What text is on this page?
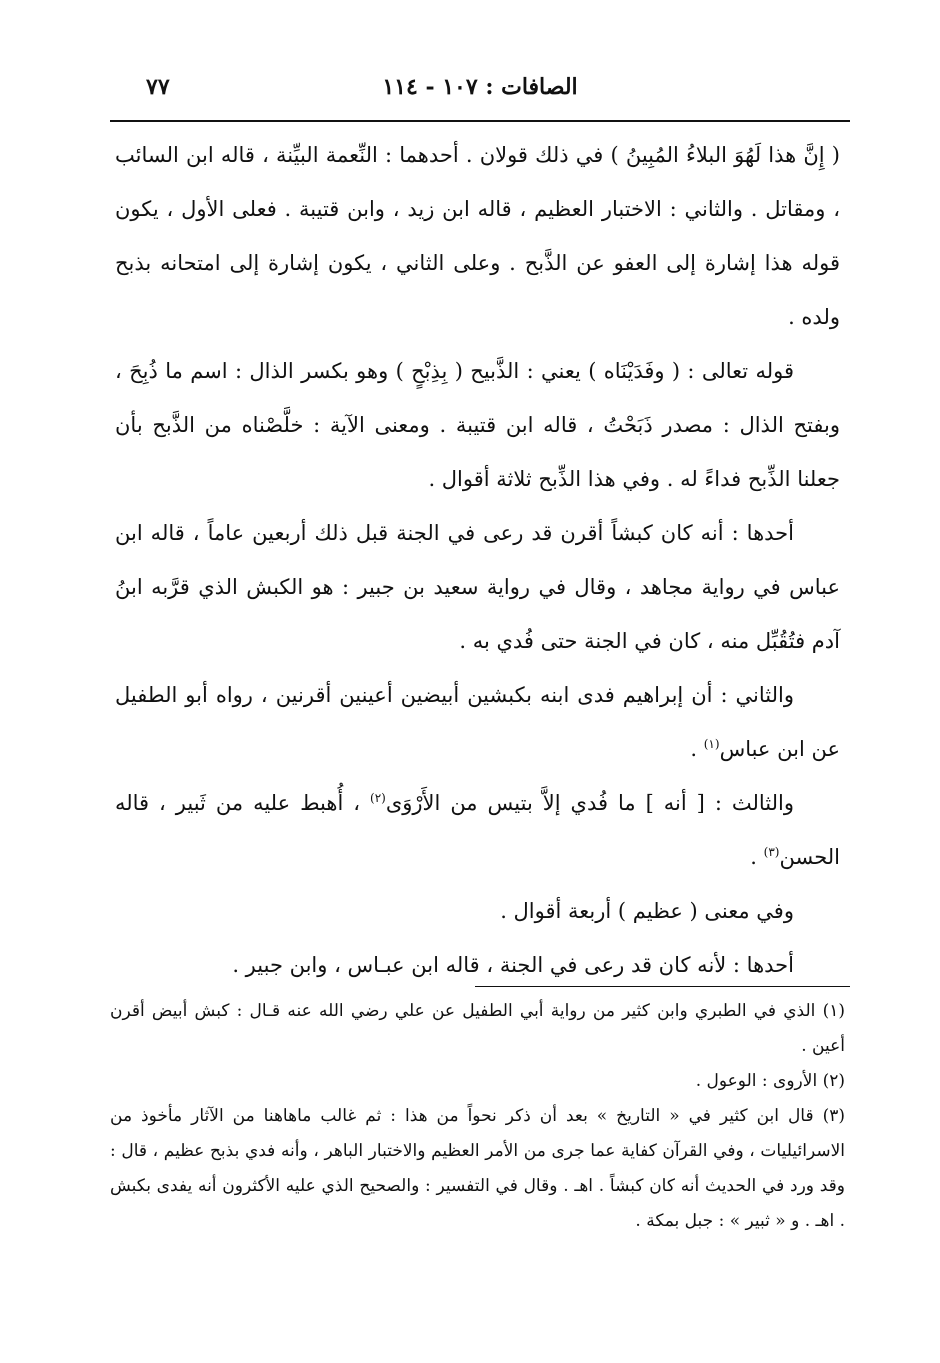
الصافات : ١٠٧ - ١١٤
٧٧

( إِنَّ هذا لَهُوَ البلاءُ المُبِينُ ) في ذلك قولان . أحدهما : النِّعمة البيِّنة ، قاله ابن السائب ، ومقاتل . والثاني : الاختبار العظيم ، قاله ابن زيد ، وابن قتيبة . فعلى الأول ، يكون قوله هذا إشارة إلى العفو عن الذَّبح . وعلى الثاني ، يكون إشارة إلى امتحانه بذبح ولده .

قوله تعالى : ( وفَدَيْنَاه ) يعني : الذَّبيح ( بِذِبْحٍ ) وهو بكسر الذال : اسم ما ذُبِحَ ، وبفتح الذال : مصدر ذَبَحْتُ ، قاله ابن قتيبة . ومعنى الآية : خلَّصْناه من الذَّبح بأن جعلنا الذِّبح فداءً له . وفي هذا الذِّبح ثلاثة أقوال .

أحدها : أنه كان كبشاً أقرن قد رعى في الجنة قبل ذلك أربعين عاماً ، قاله ابن عباس في رواية مجاهد ، وقال في رواية سعيد بن جبير : هو الكبش الذي قرَّبه ابنُ آدم فتُقُبِّل منه ، كان في الجنة حتى فُدي به .

والثاني : أن إبراهيم فدى ابنه بكبشين أبيضين أعينين أقرنين ، رواه أبو الطفيل عن ابن عباس$^{(١)}$ .

والثالث : [ أنه ] ما فُدي إلاَّ بتيس من الأَرْوَى$^{(٢)}$ ، أُهبط عليه من ثَبير ، قاله الحسن$^{(٣)}$ .

وفي معنى ( عظيم ) أربعة أقوال .

أحدها : لأنه كان قد رعى في الجنة ، قاله ابن عبـاس ، وابن جبير .

(١) الذي في الطبري وابن كثير من رواية أبي الطفيل عن علي رضي الله عنه قـال : كبش أبيض أقرن أعين .

(٢) الأروى : الوعول .

(٣) قال ابن كثير في « التاريخ » بعد أن ذكر نحواً من هذا : ثم غالب ماهاهنا من الآثار مأخوذ من الاسرائيليات ، وفي القرآن كفاية عما جرى من الأمر العظيم والاختبار الباهر ، وأنه فدي بذبح عظيم ، قال : وقد ورد في الحديث أنه كان كبشاً . اهـ . وقال في التفسير : والصحيح الذي عليه الأكثرون أنه يفدى بكبش . اهـ . و « ثبير » : جبل بمكة .
